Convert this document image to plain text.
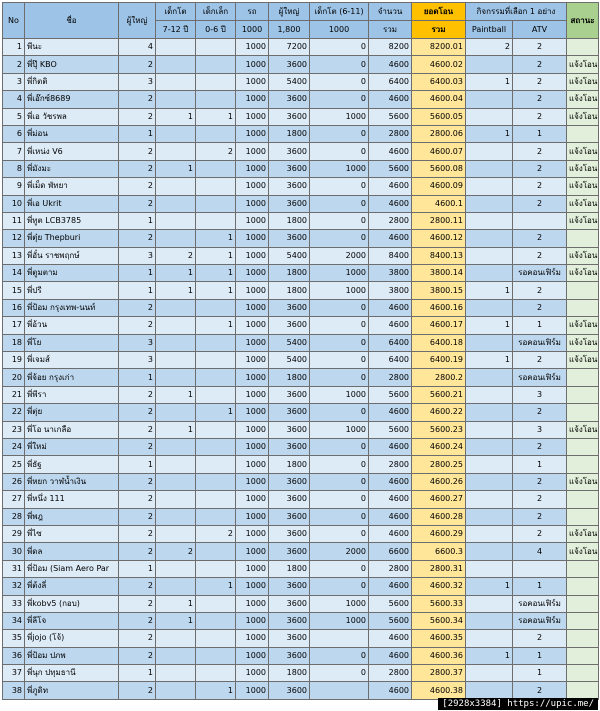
No	ชื่อ	ผู้ใหญ่	เด็กโต	เด็กเล็ก	รถ	ผู้ใหญ่	เด็กโต (6-11)	จำนวน	ยอดโอน	กิจกรรมที่เลือก 1 อย่าง		สถานะ
			7-12 ปี	0-6 ปี	1000	1,800	1000	รวม	รวม	Paintball	ATV	
1	พีนะ	4			1000	7200	0	8200	8200.01	2	2	
2	พี่ปุ๊ KBO	2			1000	3600	0	4600	4600.02		2	แจ้งโอน
3	พี่กิตติ	3			1000	5400	0	6400	6400.03	1	2	แจ้งโอน
4	พี่เอ๊กซ์8689	2			1000	3600	0	4600	4600.04		2	แจ้งโอน
5	พี่เอ วัชรพล	2	1	1	1000	3600	1000	5600	5600.05		2	แจ้งโอน
6	พี่ม่อน	1			1000	1800	0	2800	2800.06	1	1	
7	พี่เหน่ง V6	2		2	1000	3600	0	4600	4600.07		2	แจ้งโอน
8	พี่มังมะ	2	1		1000	3600	1000	5600	5600.08		2	แจ้งโอน
9	พี่เม็ด พัทยา	2			1000	3600	0	4600	4600.09		2	แจ้งโอน
10	พี่เอ Ukrit	2			1000	3600	0	4600	4600.1		2	แจ้งโอน
11	พี่ทูต LCB3785	1			1000	1800	0	2800	2800.11			แจ้งโอน
12	พี่ตุ๋ย Thepburi	2		1	1000	3600	0	4600	4600.12		2	
13	พี่อั๋น ราชพฤกษ์	3	2	1	1000	5400	2000	8400	8400.13		2	แจ้งโอน
14	พี่ตูมตาม	1	1	1	1000	1800	1000	3800	3800.14		รอคอนเฟิร์ม	แจ้งโอน
15	พี่ปรี	1	1	1	1000	1800	1000	3800	3800.15	1	2	
16	พี่ป้อม กรุงเทพ-นนท์	2			1000	3600	0	4600	4600.16		2	
17	พี่อ้วน	2		1	1000	3600	0	4600	4600.17	1	1	แจ้งโอน
18	พี่โย	3			1000	5400	0	6400	6400.18		รอคอนเฟิร์ม	แจ้งโอน
19	พี่เจมส์	3			1000	5400	0	6400	6400.19	1	2	แจ้งโอน
20	พี่จ้อย กรุงเก่า	1			1000	1800	0	2800	2800.2		รอคอนเฟิร์ม	
21	พี่พีรา	2	1		1000	3600	1000	5600	5600.21		3	
22	พี่ตุ่ย	2		1	1000	3600	0	4600	4600.22		2	
23	พี่โอ นาเกลือ	2	1		1000	3600	1000	5600	5600.23		3	แจ้งโอน
24	พี่ใหม่	2			1000	3600	0	4600	4600.24		2	
25	พี่ธัฐ	1			1000	1800	0	2800	2800.25		1	
26	พี่หยก วาฬน้ำเงิน	2			1000	3600	0	4600	4600.26		2	แจ้งโอน
27	พี่หนึ่ง 111	2			1000	3600	0	4600	4600.27		2	
28	พี่พฎ	2			1000	3600	0	4600	4600.28		2	
29	พี่ไซ	2		2	1000	3600	0	4600	4600.29		2	แจ้งโอน
30	พี่ดล	2	2		1000	3600	2000	6600	6600.3		4	แจ้งโอน
31	พี่ป้อม (Siam Aero Par	1			1000	1800	0	2800	2800.31			
32	พี่ต้งลี่	2		1	1000	3600	0	4600	4600.32	1	1	
33	พี่kobv5 (กอบ)	2	1		1000	3600	1000	5600	5600.33		รอคอนเฟิร์ม	
34	พี่ลีโจ	2	1		1000	3600	1000	5600	5600.34		รอคอนเฟิร์ม	
35	พี่jojo (โจ้)	2			1000	3600		4600	4600.35		2	
36	พี่ป้อม ปภพ	2			1000	3600	0	4600	4600.36	1	1	
37	พี่นุก ปทุมธานี	1			1000	1800	0	2800	2800.37		1	
38	พี่ภูดิท	2		1	1000	3600		4600	4600.38		2	
[2928x3384] https://upic.me/
